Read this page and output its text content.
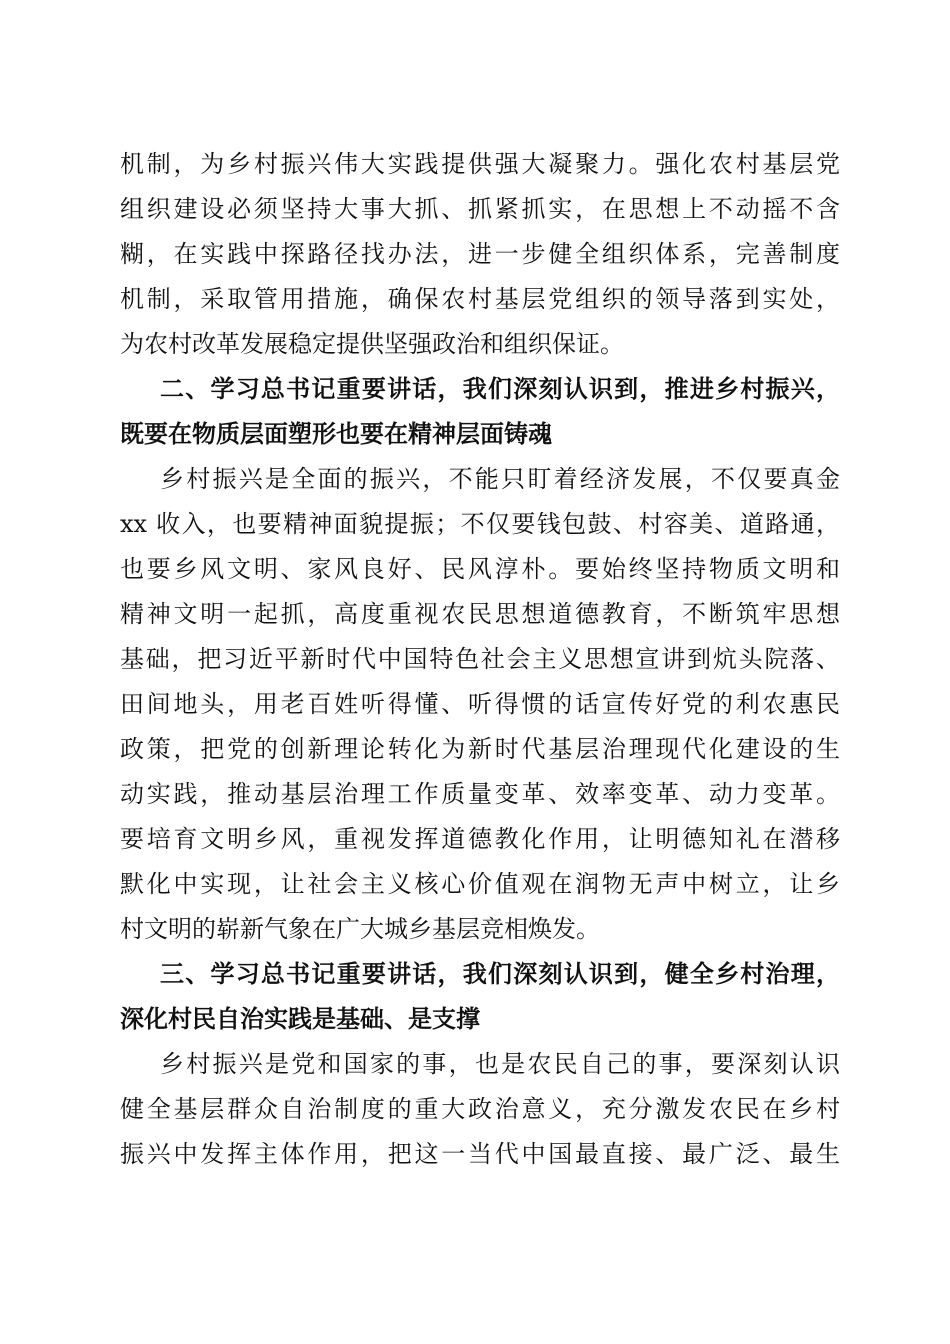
机制，为乡村振兴伟大实践提供强大凝聚力。强化农村基层党
组织建设必须坚持大事大抓、抓紧抓实，在思想上不动摇不含
糊，在实践中探路径找办法，进一步健全组织体系，完善制度
机制，采取管用措施，确保农村基层党组织的领导落到实处，
为农村改革发展稳定提供坚强政治和组织保证。
二、学习总书记重要讲话，我们深刻认识到，推进乡村振兴，
既要在物质层面塑形也要在精神层面铸魂
乡村振兴是全面的振兴，不能只盯着经济发展，不仅要真金
xx 收入，也要精神面貌提振；不仅要钱包鼓、村容美、道路通，
也要乡风文明、家风良好、民风淳朴。要始终坚持物质文明和
精神文明一起抓，高度重视农民思想道德教育，不断筑牢思想
基础，把习近平新时代中国特色社会主义思想宣讲到炕头院落、
田间地头，用老百姓听得懂、听得惯的话宣传好党的利农惠民
政策，把党的创新理论转化为新时代基层治理现代化建设的生
动实践，推动基层治理工作质量变革、效率变革、动力变革。
要培育文明乡风，重视发挥道德教化作用，让明德知礼在潜移
默化中实现，让社会主义核心价值观在润物无声中树立，让乡
村文明的崭新气象在广大城乡基层竞相焕发。
三、学习总书记重要讲话，我们深刻认识到，健全乡村治理，
深化村民自治实践是基础、是支撑
乡村振兴是党和国家的事，也是农民自己的事，要深刻认识
健全基层群众自治制度的重大政治意义，充分激发农民在乡村
振兴中发挥主体作用，把这一当代中国最直接、最广泛、最生
